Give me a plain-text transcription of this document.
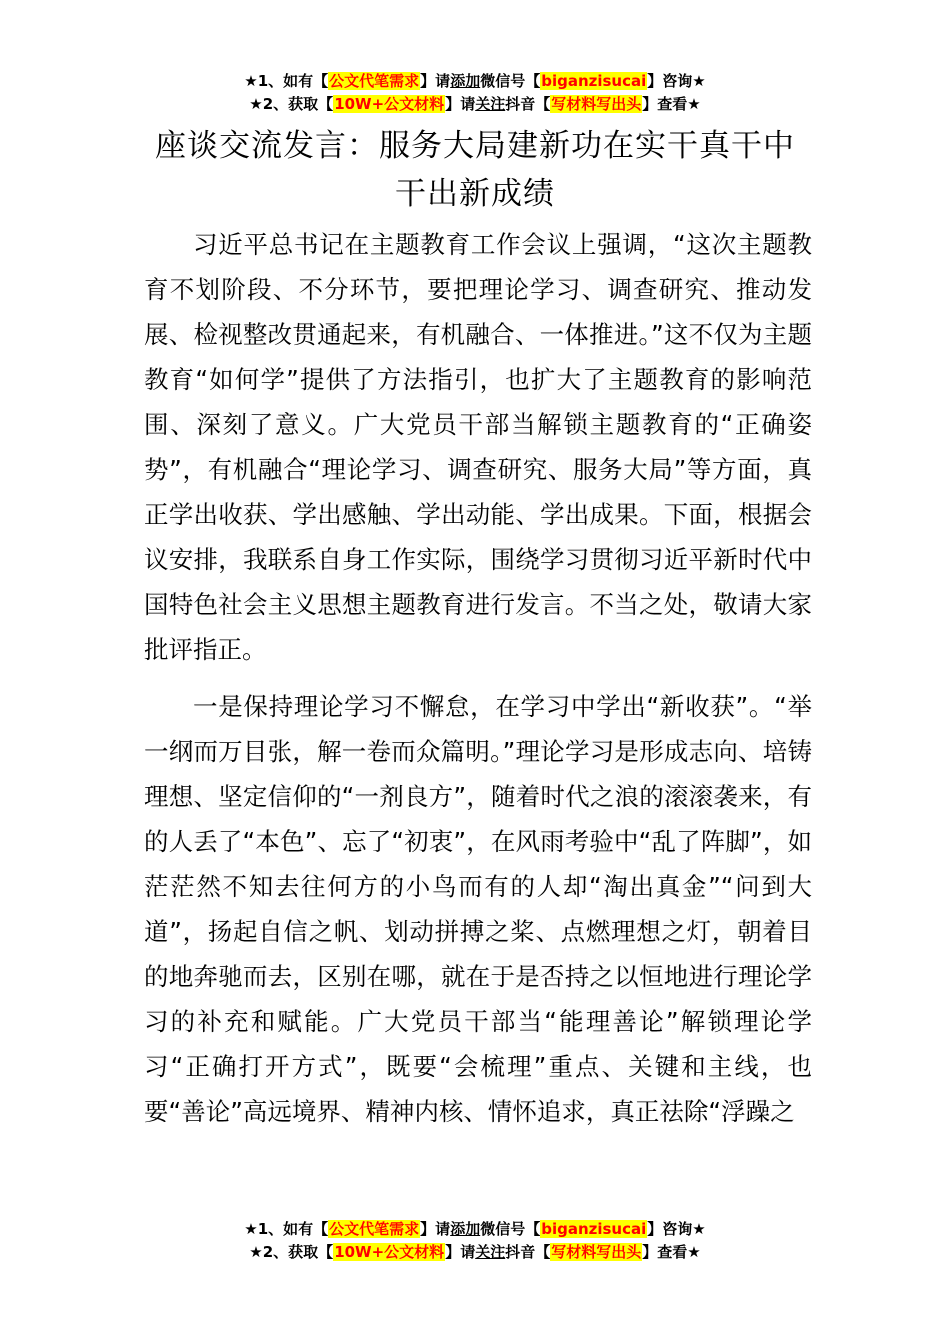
★1、如有【公文代笔需求】请添加微信号【biganzisucai】咨询★
★2、获取【10W+公文材料】请关注抖音【写材料写出头】查看★
座谈交流发言：服务大局建新功在实干真干中干出新成绩

习近平总书记在主题教育工作会议上强调，“这次主题教育不划阶段、不分环节，要把理论学习、调查研究、推动发展、检视整改贯通起来，有机融合、一体推进。”这不仅为主题教育“如何学”提供了方法指引，也扩大了主题教育的影响范围、深刻了意义。广大党员干部当解锁主题教育的“正确姿势”，有机融合“理论学习、调查研究、服务大局”等方面，真正学出收获、学出感触、学出动能、学出成果。下面，根据会议安排，我联系自身工作实际，围绕学习贯彻习近平新时代中国特色社会主义思想主题教育进行发言。不当之处，敬请大家批评指正。

一是保持理论学习不懈怠，在学习中学出“新收获”。“举一纲而万目张，解一卷而众篇明。”理论学习是形成志向、培铸理想、坚定信仰的“一剂良方”，随着时代之浪的滚滚袭来，有的人丢了“本色”、忘了“初衷”，在风雨考验中“乱了阵脚”，如茫茫然不知去往何方的小鸟而有的人却“淘出真金”“问到大道”，扬起自信之帆、划动拼搏之桨、点燃理想之灯，朝着目的地奔驰而去，区别在哪，就在于是否持之以恒地进行理论学习的补充和赋能。广大党员干部当“能理善论”解锁理论学习“正确打开方式”，既要“会梳理”重点、关键和主线，也要“善论”高远境界、精神内核、情怀追求，真正祛除“浮躁之

★1、如有【公文代笔需求】请添加微信号【biganzisucai】咨询★
★2、获取【10W+公文材料】请关注抖音【写材料写出头】查看★
